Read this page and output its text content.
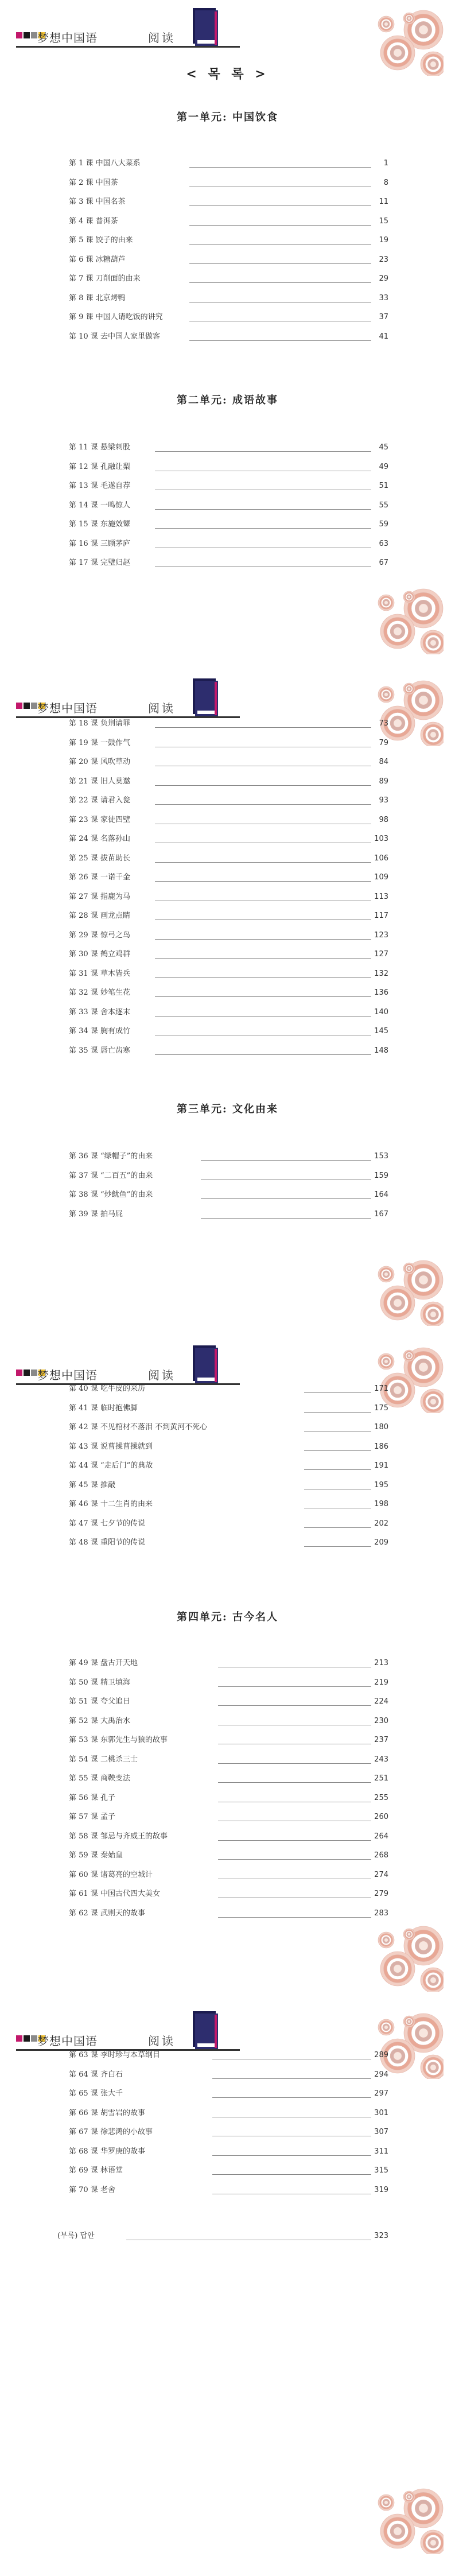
梦想中国语	阅读
梦想中国语	阅读
梦想中国语	阅读
梦想中国语	阅读
< 목 록 >
第一单元: 中国饮食
第 1 课 中国八大菜系	1
第 2 课 中国茶	8
第 3 课 中国名茶	11
第 4 课 普洱茶	15
第 5 课 饺子的由来	19
第 6 课 冰糖葫芦	23
第 7 课 刀削面的由来	29
第 8 课 北京烤鸭	33
第 9 课 中国人请吃饭的讲究	37
第 10 课 去中国人家里做客	41
第二单元: 成语故事
第 11 课 悬梁刺股	45
第 12 课 孔融让梨	49
第 13 课 毛遂自荐	51
第 14 课 一鸣惊人	55
第 15 课 东施效颦	59
第 16 课 三顾茅庐	63
第 17 课 完璧归赵	67
第 18 课 负荆请罪	73
第 19 课 一鼓作气	79
第 20 课 风吹草动	84
第 21 课 旧人莫邀	89
第 22 课 请君入瓮	93
第 23 课 家徒四壁	98
第 24 课 名落孙山	103
第 25 课 拔苗助长	106
第 26 课 一诺千金	109
第 27 课 指鹿为马	113
第 28 课 画龙点睛	117
第 29 课 惊弓之鸟	123
第 30 课 鹤立鸡群	127
第 31 课 草木皆兵	132
第 32 课 妙笔生花	136
第 33 课 舍本逐末	140
第 34 课 胸有成竹	145
第 35 课 唇亡齿寒	148
第三单元: 文化由来
第 36 课 “绿帽子”的由来	153
第 37 课 “二百五”的由来	159
第 38 课 “炒鱿鱼”的由来	164
第 39 课 拍马屁	167
第 40 课 吃牛皮的来历	171
第 41 课 临时抱佛脚	175
第 42 课 不见棺材不落泪 不到黄河不死心	180
第 43 课 说曹操曹操就到	186
第 44 课 “走后门”的典故	191
第 45 课 推敲	195
第 46 课 十二生肖的由来	198
第 47 课 七夕节的传说	202
第 48 课 重阳节的传说	209
第四单元: 古今名人
第 49 课 盘古开天地	213
第 50 课 精卫填海	219
第 51 课 夸父追日	224
第 52 课 大禹治水	230
第 53 课 东郭先生与狼的故事	237
第 54 课 二桃杀三士	243
第 55 课 商鞅变法	251
第 56 课 孔子	255
第 57 课 孟子	260
第 58 课 邹忌与齐威王的故事	264
第 59 课 秦始皇	268
第 60 课 诸葛亮的空城计	274
第 61 课 中国古代四大美女	279
第 62 课 武则天的故事	283
第 63 课 李时珍与本草纲目	289
第 64 课 齐白石	294
第 65 课 张大千	297
第 66 课 胡雪岩的故事	301
第 67 课 徐悲鸿的小故事	307
第 68 课 华罗庚的故事	311
第 69 课 林语堂	315
第 70 课 老舍	319
(부록) 답안	323
